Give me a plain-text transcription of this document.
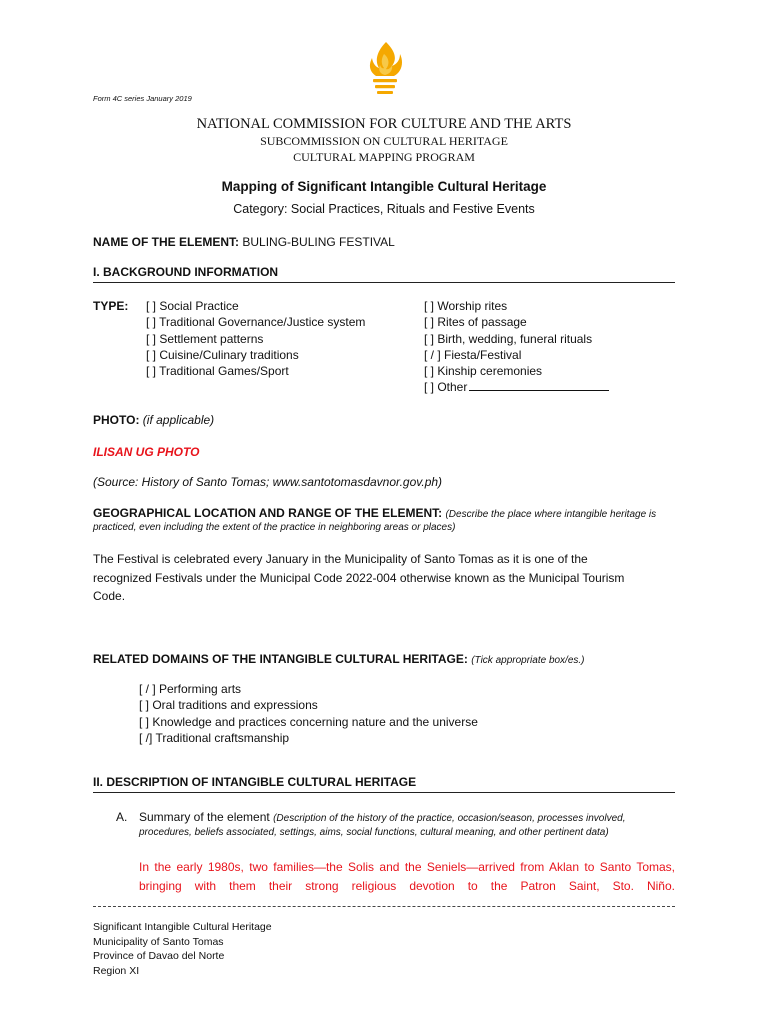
Form 4C series January 2019
NATIONAL COMMISSION FOR CULTURE AND THE ARTS
SUBCOMMISSION ON CULTURAL HERITAGE
CULTURAL MAPPING PROGRAM
Mapping of Significant Intangible Cultural Heritage
Category: Social Practices, Rituals and Festive Events
NAME OF THE ELEMENT: BULING-BULING FESTIVAL
I. BACKGROUND INFORMATION
TYPE: [ ] Social Practice
[ ] Traditional Governance/Justice system
[ ] Settlement patterns
[ ] Cuisine/Culinary traditions
[ ] Traditional Games/Sport
[ ] Worship rites
[ ] Rites of passage
[ ] Birth, wedding, funeral rituals
[ / ] Fiesta/Festival
[ ] Kinship ceremonies
[ ] Other
PHOTO: (if applicable)
ILISAN UG PHOTO
(Source: History of Santo Tomas; www.santotomasdavnor.gov.ph)
GEOGRAPHICAL LOCATION AND RANGE OF THE ELEMENT: (Describe the place where intangible heritage is
practiced, even including the extent of the practice in neighboring areas or places)
The Festival is celebrated every January in the Municipality of Santo Tomas as it is one of the
recognized Festivals under the Municipal Code 2022-004 otherwise known as the Municipal Tourism
Code.
RELATED DOMAINS OF THE INTANGIBLE CULTURAL HERITAGE: (Tick appropriate box/es.)
[ / ] Performing arts
[ ] Oral traditions and expressions
[ ] Knowledge and practices concerning nature and the universe
[ /] Traditional craftsmanship
II. DESCRIPTION OF INTANGIBLE CULTURAL HERITAGE
A. Summary of the element (Description of the history of the practice, occasion/season, processes involved,
procedures, beliefs associated, settings, aims, social functions, cultural meaning, and other pertinent data)
In the early 1980s, two families—the Solis and the Seniels—arrived from Aklan to Santo Tomas, bringing with them their strong religious devotion to the Patron Saint, Sto. Niño.
Significant Intangible Cultural Heritage
Municipality of Santo Tomas
Province of Davao del Norte
Region XI
